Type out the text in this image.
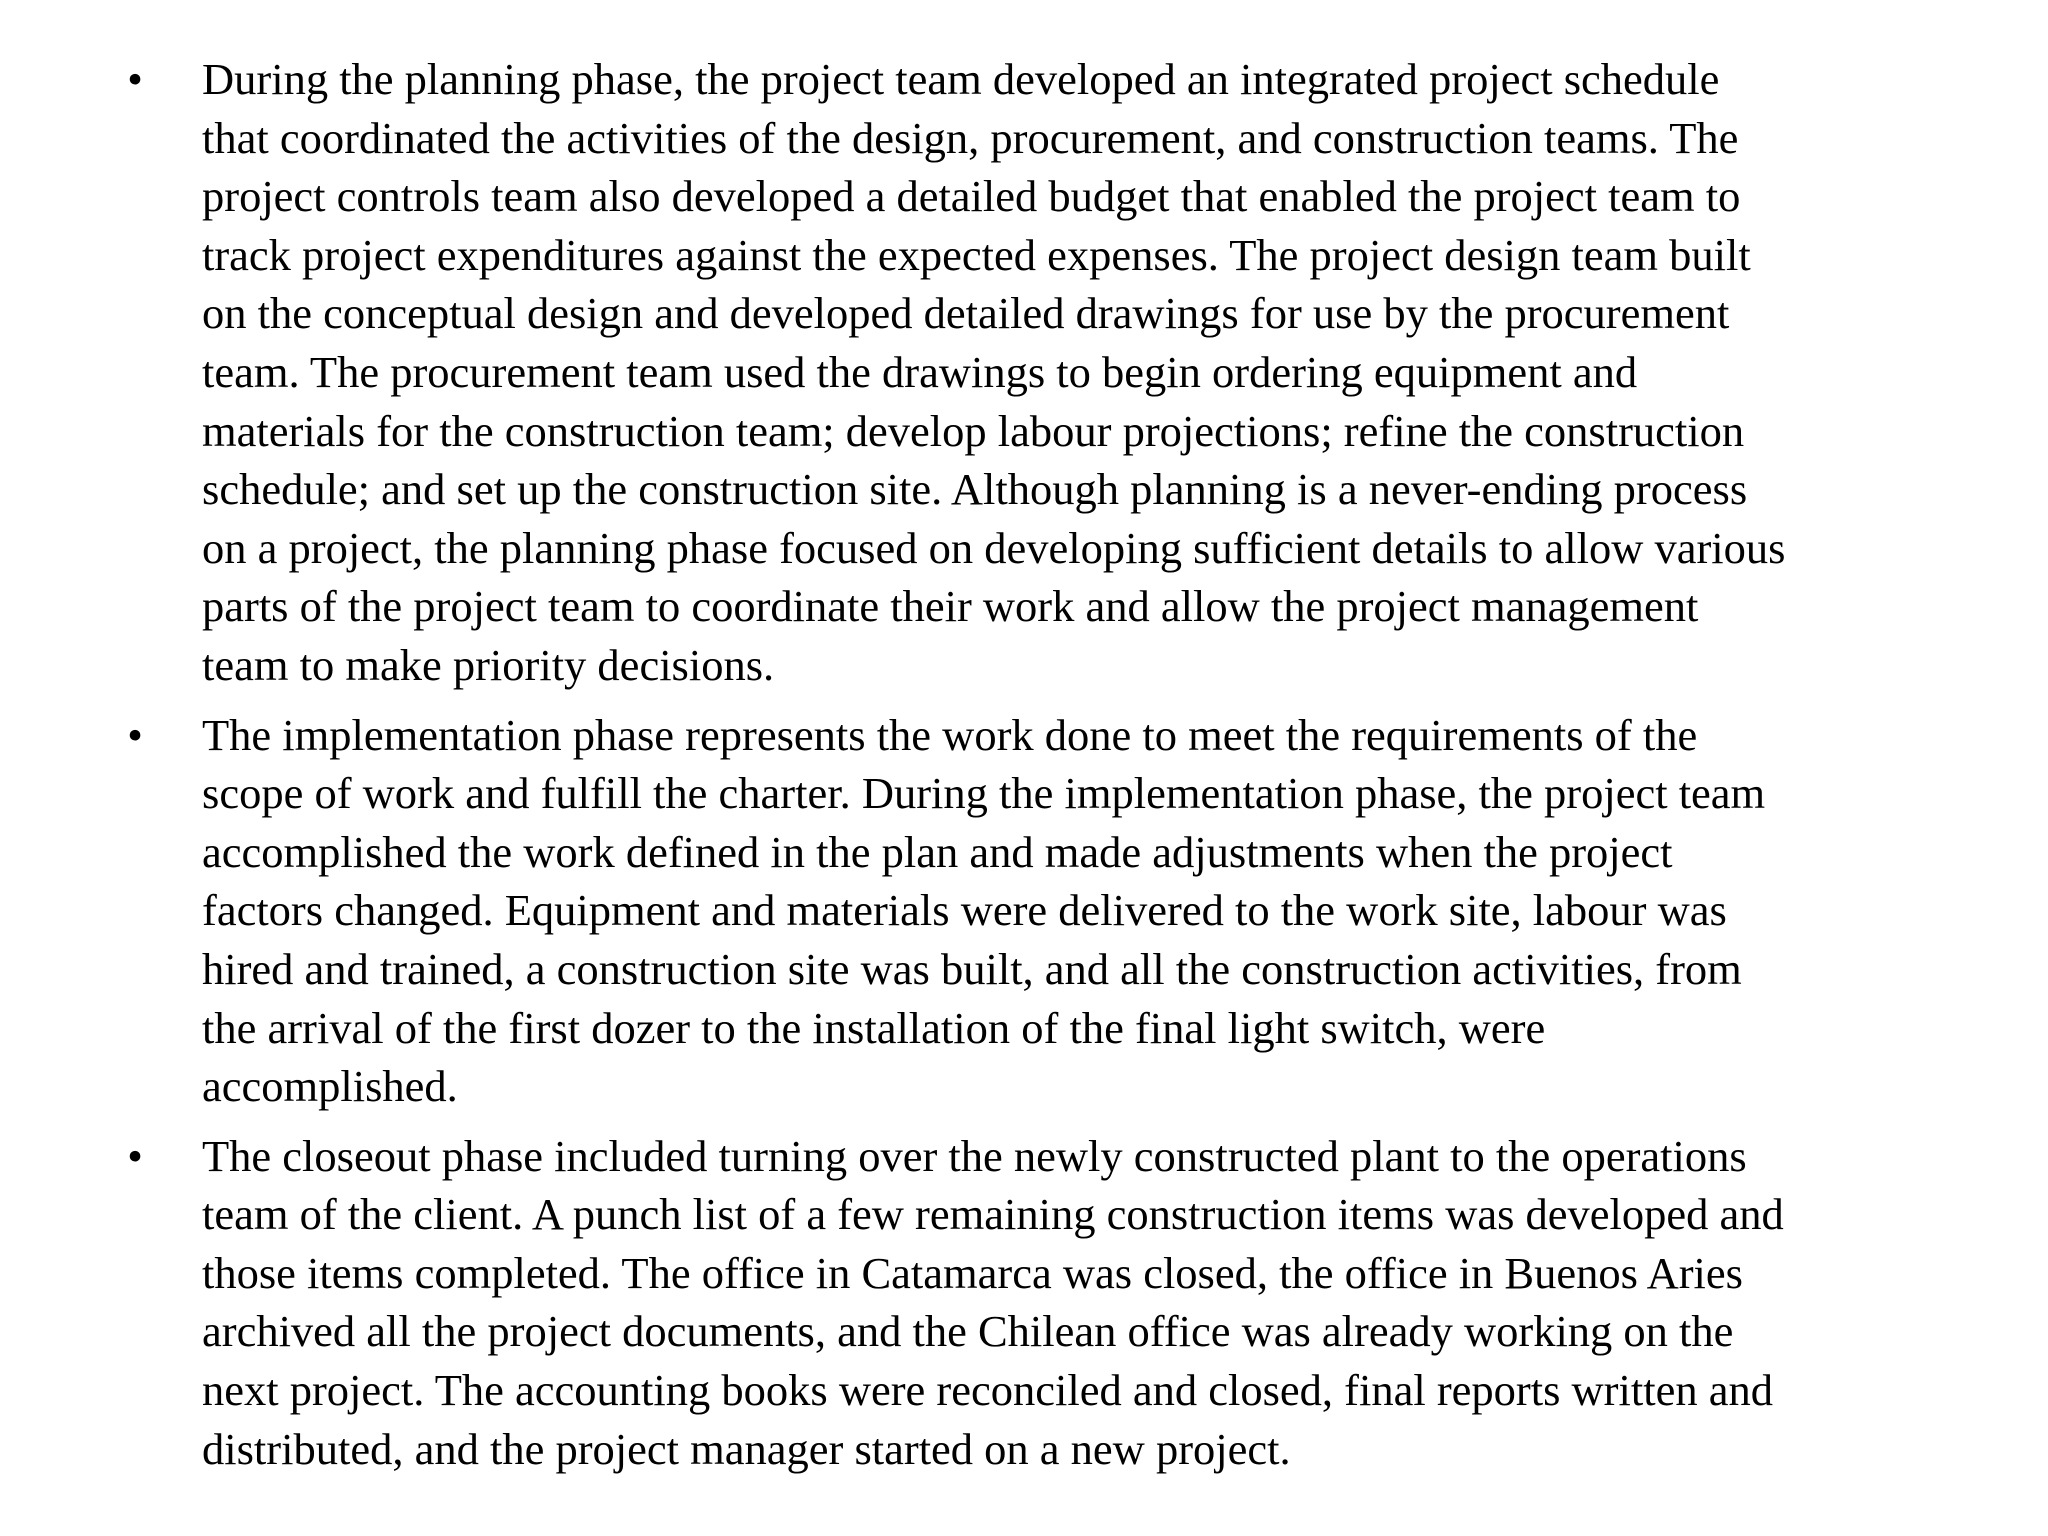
• During the planning phase, the project team developed an integrated project schedule
that coordinated the activities of the design, procurement, and construction teams. The
project controls team also developed a detailed budget that enabled the project team to
track project expenditures against the expected expenses. The project design team built
on the conceptual design and developed detailed drawings for use by the procurement
team. The procurement team used the drawings to begin ordering equipment and
materials for the construction team; develop labour projections; refine the construction
schedule; and set up the construction site. Although planning is a never-ending process
on a project, the planning phase focused on developing sufficient details to allow various
parts of the project team to coordinate their work and allow the project management
team to make priority decisions.
• The implementation phase represents the work done to meet the requirements of the
scope of work and fulfill the charter. During the implementation phase, the project team
accomplished the work defined in the plan and made adjustments when the project
factors changed. Equipment and materials were delivered to the work site, labour was
hired and trained, a construction site was built, and all the construction activities, from
the arrival of the first dozer to the installation of the final light switch, were
accomplished.
• The closeout phase included turning over the newly constructed plant to the operations
team of the client. A punch list of a few remaining construction items was developed and
those items completed. The office in Catamarca was closed, the office in Buenos Aries
archived all the project documents, and the Chilean office was already working on the
next project. The accounting books were reconciled and closed, final reports written and
distributed, and the project manager started on a new project.
